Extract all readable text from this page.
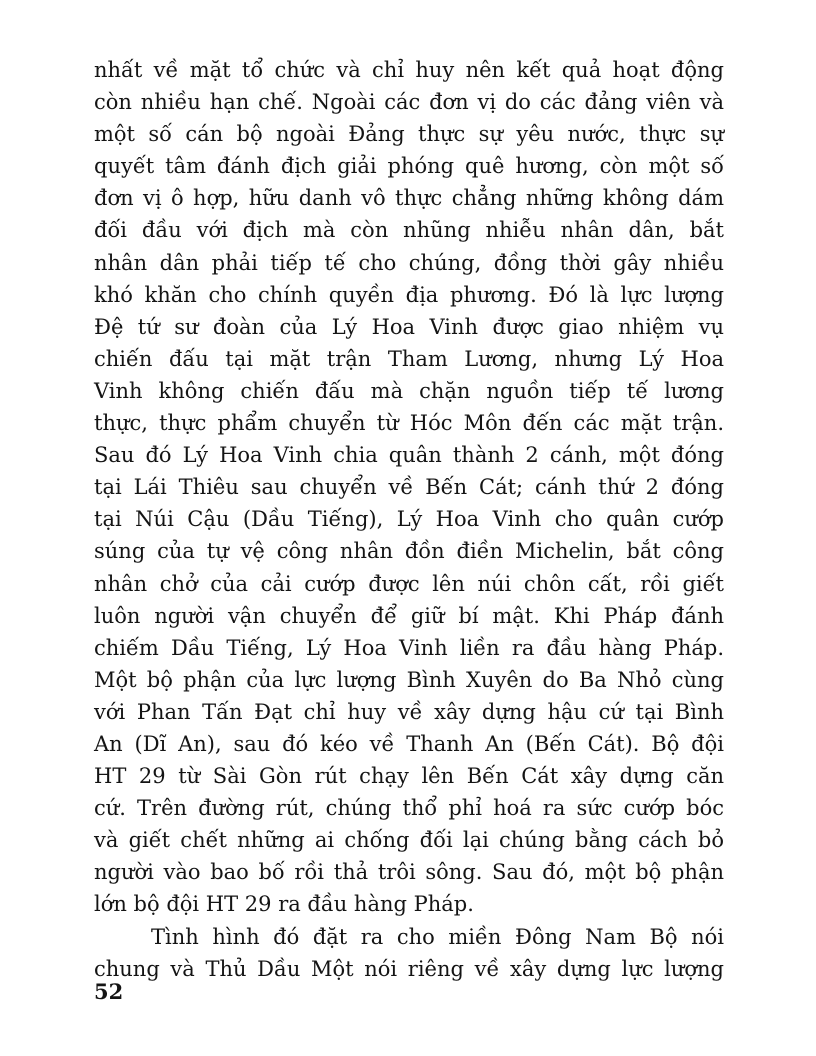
nhất về mặt tổ chức và chỉ huy nên kết quả hoạt động
còn nhiều hạn chế. Ngoài các đơn vị do các đảng viên và
một số cán bộ ngoài Đảng thực sự yêu nước, thực sự
quyết tâm đánh địch giải phóng quê hương, còn một số
đơn vị ô hợp, hữu danh vô thực chẳng những không dám
đối đầu với địch mà còn nhũng nhiễu nhân dân, bắt
nhân dân phải tiếp tế cho chúng, đồng thời gây nhiều
khó khăn cho chính quyền địa phương. Đó là lực lượng
Đệ tứ sư đoàn của Lý Hoa Vinh được giao nhiệm vụ
chiến đấu tại mặt trận Tham Lương, nhưng Lý Hoa
Vinh không chiến đấu mà chặn nguồn tiếp tế lương
thực, thực phẩm chuyển từ Hóc Môn đến các mặt trận.
Sau đó Lý Hoa Vinh chia quân thành 2 cánh, một đóng
tại Lái Thiêu sau chuyển về Bến Cát; cánh thứ 2 đóng
tại Núi Cậu (Dầu Tiếng), Lý Hoa Vinh cho quân cướp
súng của tự vệ công nhân đồn điền Michelin, bắt công
nhân chở của cải cướp được lên núi chôn cất, rồi giết
luôn người vận chuyển để giữ bí mật. Khi Pháp đánh
chiếm Dầu Tiếng, Lý Hoa Vinh liền ra đầu hàng Pháp.
Một bộ phận của lực lượng Bình Xuyên do Ba Nhỏ cùng
với Phan Tấn Đạt chỉ huy về xây dựng hậu cứ tại Bình
An (Dĩ An), sau đó kéo về Thanh An (Bến Cát). Bộ đội
HT 29 từ Sài Gòn rút chạy lên Bến Cát xây dựng căn
cứ. Trên đường rút, chúng thổ phỉ hoá ra sức cướp bóc
và giết chết những ai chống đối lại chúng bằng cách bỏ
người vào bao bố rồi thả trôi sông. Sau đó, một bộ phận
lớn bộ đội HT 29 ra đầu hàng Pháp.
Tình hình đó đặt ra cho miền Đông Nam Bộ nói
chung và Thủ Dầu Một nói riêng về xây dựng lực lượng
52
